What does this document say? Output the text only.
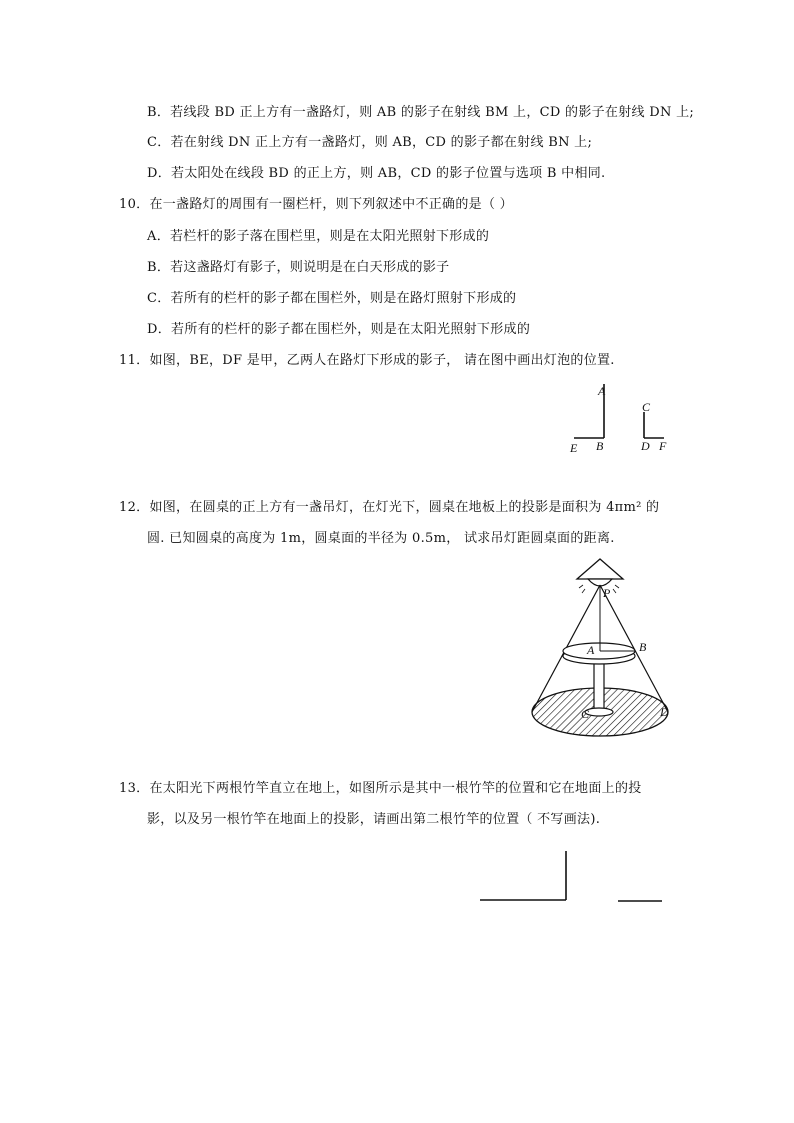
B．若线段 BD 正上方有一盏路灯，则 AB 的影子在射线 BM 上，CD 的影子在射线 DN 上;
C．若在射线 DN 正上方有一盏路灯，则 AB，CD 的影子都在射线 BN 上;
D．若太阳处在线段 BD 的正上方，则 AB，CD 的影子位置与选项 B 中相同.
10．在一盏路灯的周围有一圈栏杆，则下列叙述中不正确的是（ ）
A．若栏杆的影子落在围栏里，则是在太阳光照射下形成的
B．若这盏路灯有影子，则说明是在白天形成的影子
C．若所有的栏杆的影子都在围栏外，则是在路灯照射下形成的
D．若所有的栏杆的影子都在围栏外，则是在太阳光照射下形成的
11．如图，BE，DF 是甲，乙两人在路灯下形成的影子， 请在图中画出灯泡的位置.
A
C
E B	D F
12．如图，在圆桌的正上方有一盏吊灯，在灯光下，圆桌在地板上的投影是面积为 4πm² 的
圆. 已知圆桌的高度为 1m，圆桌面的半径为 0.5m， 试求吊灯距圆桌面的距离.
P
A	B
C	D
13．在太阳光下两根竹竿直立在地上，如图所示是其中一根竹竿的位置和它在地面上的投
影，以及另一根竹竿在地面上的投影，请画出第二根竹竿的位置（ 不写画法).
